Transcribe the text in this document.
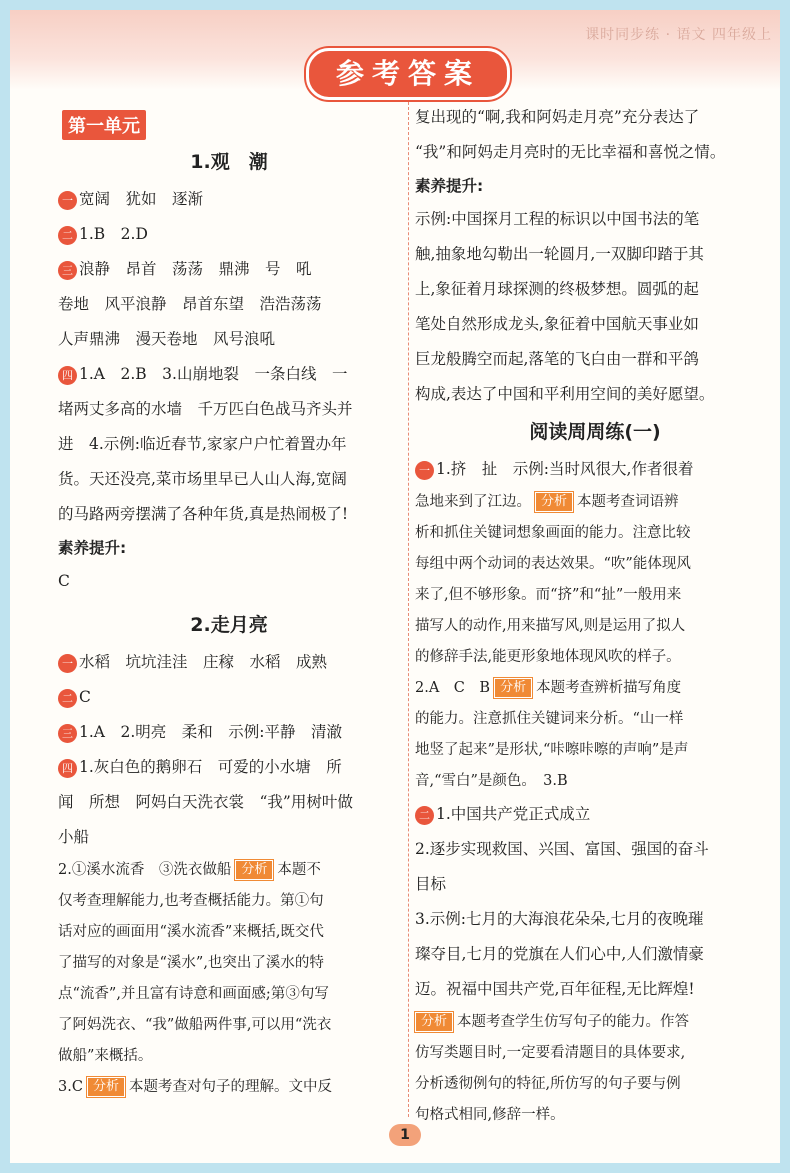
课时同步练 · 语文 四年级上
参考答案
第一单元
1.观　潮
一 宽阔　犹如　逐渐
二 1.B　2.D
三 浪静　昂首　荡荡　鼎沸　号　吼
卷地　风平浪静　昂首东望　浩浩荡荡
人声鼎沸　漫天卷地　风号浪吼
四 1.A　2.B　3.山崩地裂　一条白线　一
堵两丈多高的水墙　千万匹白色战马齐头并
进　4.示例:临近春节,家家户户忙着置办年
货。天还没亮,菜市场里早已人山人海,宽阔
的马路两旁摆满了各种年货,真是热闹极了!
素养提升:
C
2.走月亮
一 水稻　坑坑洼洼　庄稼　水稻　成熟
二 C
三 1.A　2.明亮　柔和　示例:平静　清澈
四 1.灰白色的鹅卵石　可爱的小水塘　所
闻　所想　阿妈白天洗衣裳　“我”用树叶做
小船
2.①溪水流香　③洗衣做船 分析 本题不
仅考查理解能力,也考查概括能力。第①句
话对应的画面用“溪水流香”来概括,既交代
了描写的对象是“溪水”,也突出了溪水的特
点“流香”,并且富有诗意和画面感;第③句写
了阿妈洗衣、“我”做船两件事,可以用“洗衣
做船”来概括。
3.C 分析 本题考查对句子的理解。文中反
复出现的“啊,我和阿妈走月亮”充分表达了
“我”和阿妈走月亮时的无比幸福和喜悦之情。
素养提升:
示例:中国探月工程的标识以中国书法的笔
触,抽象地勾勒出一轮圆月,一双脚印踏于其
上,象征着月球探测的终极梦想。圆弧的起
笔处自然形成龙头,象征着中国航天事业如
巨龙般腾空而起,落笔的飞白由一群和平鸽
构成,表达了中国和平利用空间的美好愿望。
阅读周周练(一)
一 1.挤　扯　示例:当时风很大,作者很着
急地来到了江边。 分析 本题考查词语辨
析和抓住关键词想象画面的能力。注意比较
每组中两个动词的表达效果。“吹”能体现风
来了,但不够形象。而“挤”和“扯”一般用来
描写人的动作,用来描写风,则是运用了拟人
的修辞手法,能更形象地体现风吹的样子。
2.A　C　B 分析 本题考查辨析描写角度
的能力。注意抓住关键词来分析。“山一样
地竖了起来”是形状,“咔嚓咔嚓的声响”是声
音,“雪白”是颜色。　3.B
二 1.中国共产党正式成立
2.逐步实现救国、兴国、富国、强国的奋斗
目标
3.示例:七月的大海浪花朵朵,七月的夜晚璀
璨夺目,七月的党旗在人们心中,人们激情豪
迈。祝福中国共产党,百年征程,无比辉煌!
分析 本题考查学生仿写句子的能力。作答
仿写类题目时,一定要看清题目的具体要求,
分析透彻例句的特征,所仿写的句子要与例
句格式相同,修辞一样。
1
